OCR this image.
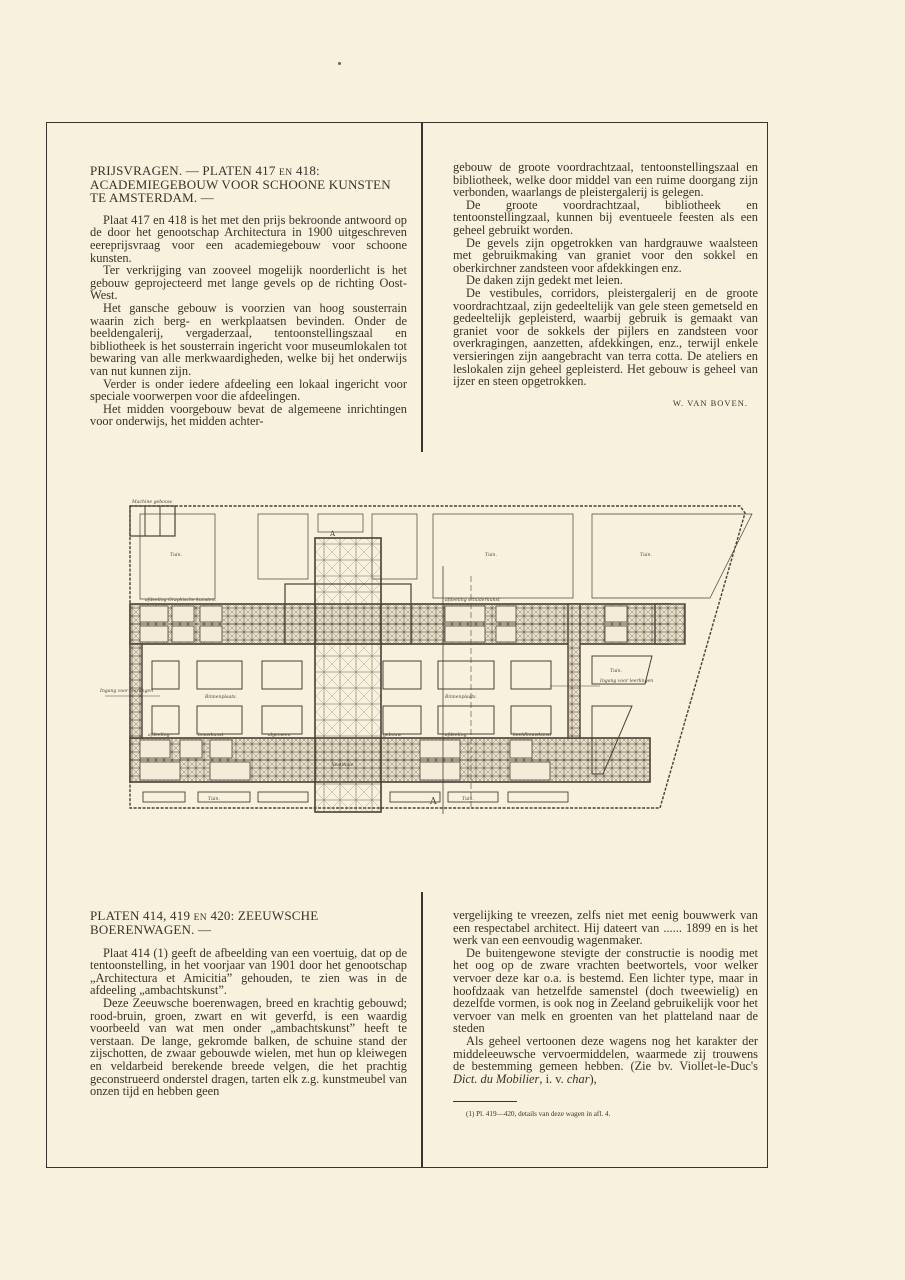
PRIJSVRAGEN. — PLATEN 417 EN 418: ACADEMIEGEBOUW VOOR SCHOONE KUNSTEN TE AMSTERDAM. —

Plaat 417 en 418 is het met den prijs bekroonde antwoord op de door het genootschap Architectura in 1900 uitgeschreven eereprijsvraag voor een academiegebouw voor schoone kunsten.

Ter verkrijging van zooveel mogelijk noorderlicht is het gebouw geprojecteerd met lange gevels op de richting Oost-West.

Het gansche gebouw is voorzien van hoog sousterrain waarin zich berg- en werkplaatsen bevinden. Onder de beeldengalerij, vergaderzaal, tentoonstellingszaal en bibliotheek is het sousterrain ingericht voor museumlokalen tot bewaring van alle merkwaardigheden, welke bij het onderwijs van nut kunnen zijn.

Verder is onder iedere afdeeling een lokaal ingericht voor speciale voorwerpen voor die afdeelingen.

Het midden voorgebouw bevat de algemeene inrichtingen voor onderwijs, het midden achter-

gebouw de groote voordrachtzaal, tentoonstellingszaal en bibliotheek, welke door middel van een ruime doorgang zijn verbonden, waarlangs de pleistergalerij is gelegen.

De groote voordrachtzaal, bibliotheek en tentoonstellingzaal, kunnen bij eventueele feesten als een geheel gebruikt worden.

De gevels zijn opgetrokken van hardgrauwe waalsteen met gebruikmaking van graniet voor den sokkel en oberkirchner zandsteen voor afdekkingen enz.

De daken zijn gedekt met leien.

De vestibules, corridors, pleistergalerij en de groote voordrachtzaal, zijn gedeeltelijk van gele steen gemetseld en gedeeltelijk gepleisterd, waarbij gebruik is gemaakt van graniet voor de sokkels der pijlers en zandsteen voor overkragingen, aanzetten, afdekkingen, enz., terwijl enkele versieringen zijn aangebracht van terra cotta. De ateliers en leslokalen zijn geheel gepleisterd. Het gebouw is geheel van ijzer en steen opgetrokken.

W. VAN BOVEN.

Machine gebouw.
Tuin.	Tuin.	Tuin.
Tuin.
Tuin.	Tuin.
afdeeling Graphische kunsten.	afdeeling schilderkunst
Binnenplaats.	Binnenplaats.
afdeeling	bouwkunst	algemeen	gebouw	afdeeling	beeldhouwkunst
Ingang voor leerlingen
Ingang voor leerlingen
Vestibule
A
A

PLATEN 414, 419 EN 420: ZEEUWSCHE BOERENWAGEN. —

Plaat 414 (1) geeft de afbeelding van een voertuig, dat op de tentoonstelling, in het voorjaar van 1901 door het genootschap „Architectura et Amicitia” gehouden, te zien was in de afdeeling „ambachtskunst”.

Deze Zeeuwsche boerenwagen, breed en krachtig gebouwd; rood-bruin, groen, zwart en wit geverfd, is een waardig voorbeeld van wat men onder „ambachtskunst” heeft te verstaan. De lange, gekromde balken, de schuine stand der zijschotten, de zwaar gebouwde wielen, met hun op kleiwegen en veldarbeid berekende breede velgen, die het prachtig geconstrueerd onderstel dragen, tarten elk z.g. kunstmeubel van onzen tijd en hebben geen

vergelijking te vreezen, zelfs niet met eenig bouwwerk van een respectabel architect. Hij dateert van ...... 1899 en is het werk van een eenvoudig wagenmaker.

De buitengewone stevigte der constructie is noodig met het oog op de zware vrachten beetwortels, voor welker vervoer deze kar o.a. is bestemd. Een lichter type, maar in hoofdzaak van hetzelfde samenstel (doch tweewielig) en dezelfde vormen, is ook nog in Zeeland gebruikelijk voor het vervoer van melk en groenten van het platteland naar de steden

Als geheel vertoonen deze wagens nog het karakter der middeleeuwsche vervoermiddelen, waarmede zij trouwens de bestemming gemeen hebben. (Zie bv. Viollet-le-Duc's Dict. du Mobilier, i. v. char),

(1) Pl. 419—420, details van deze wagen in afl. 4.
